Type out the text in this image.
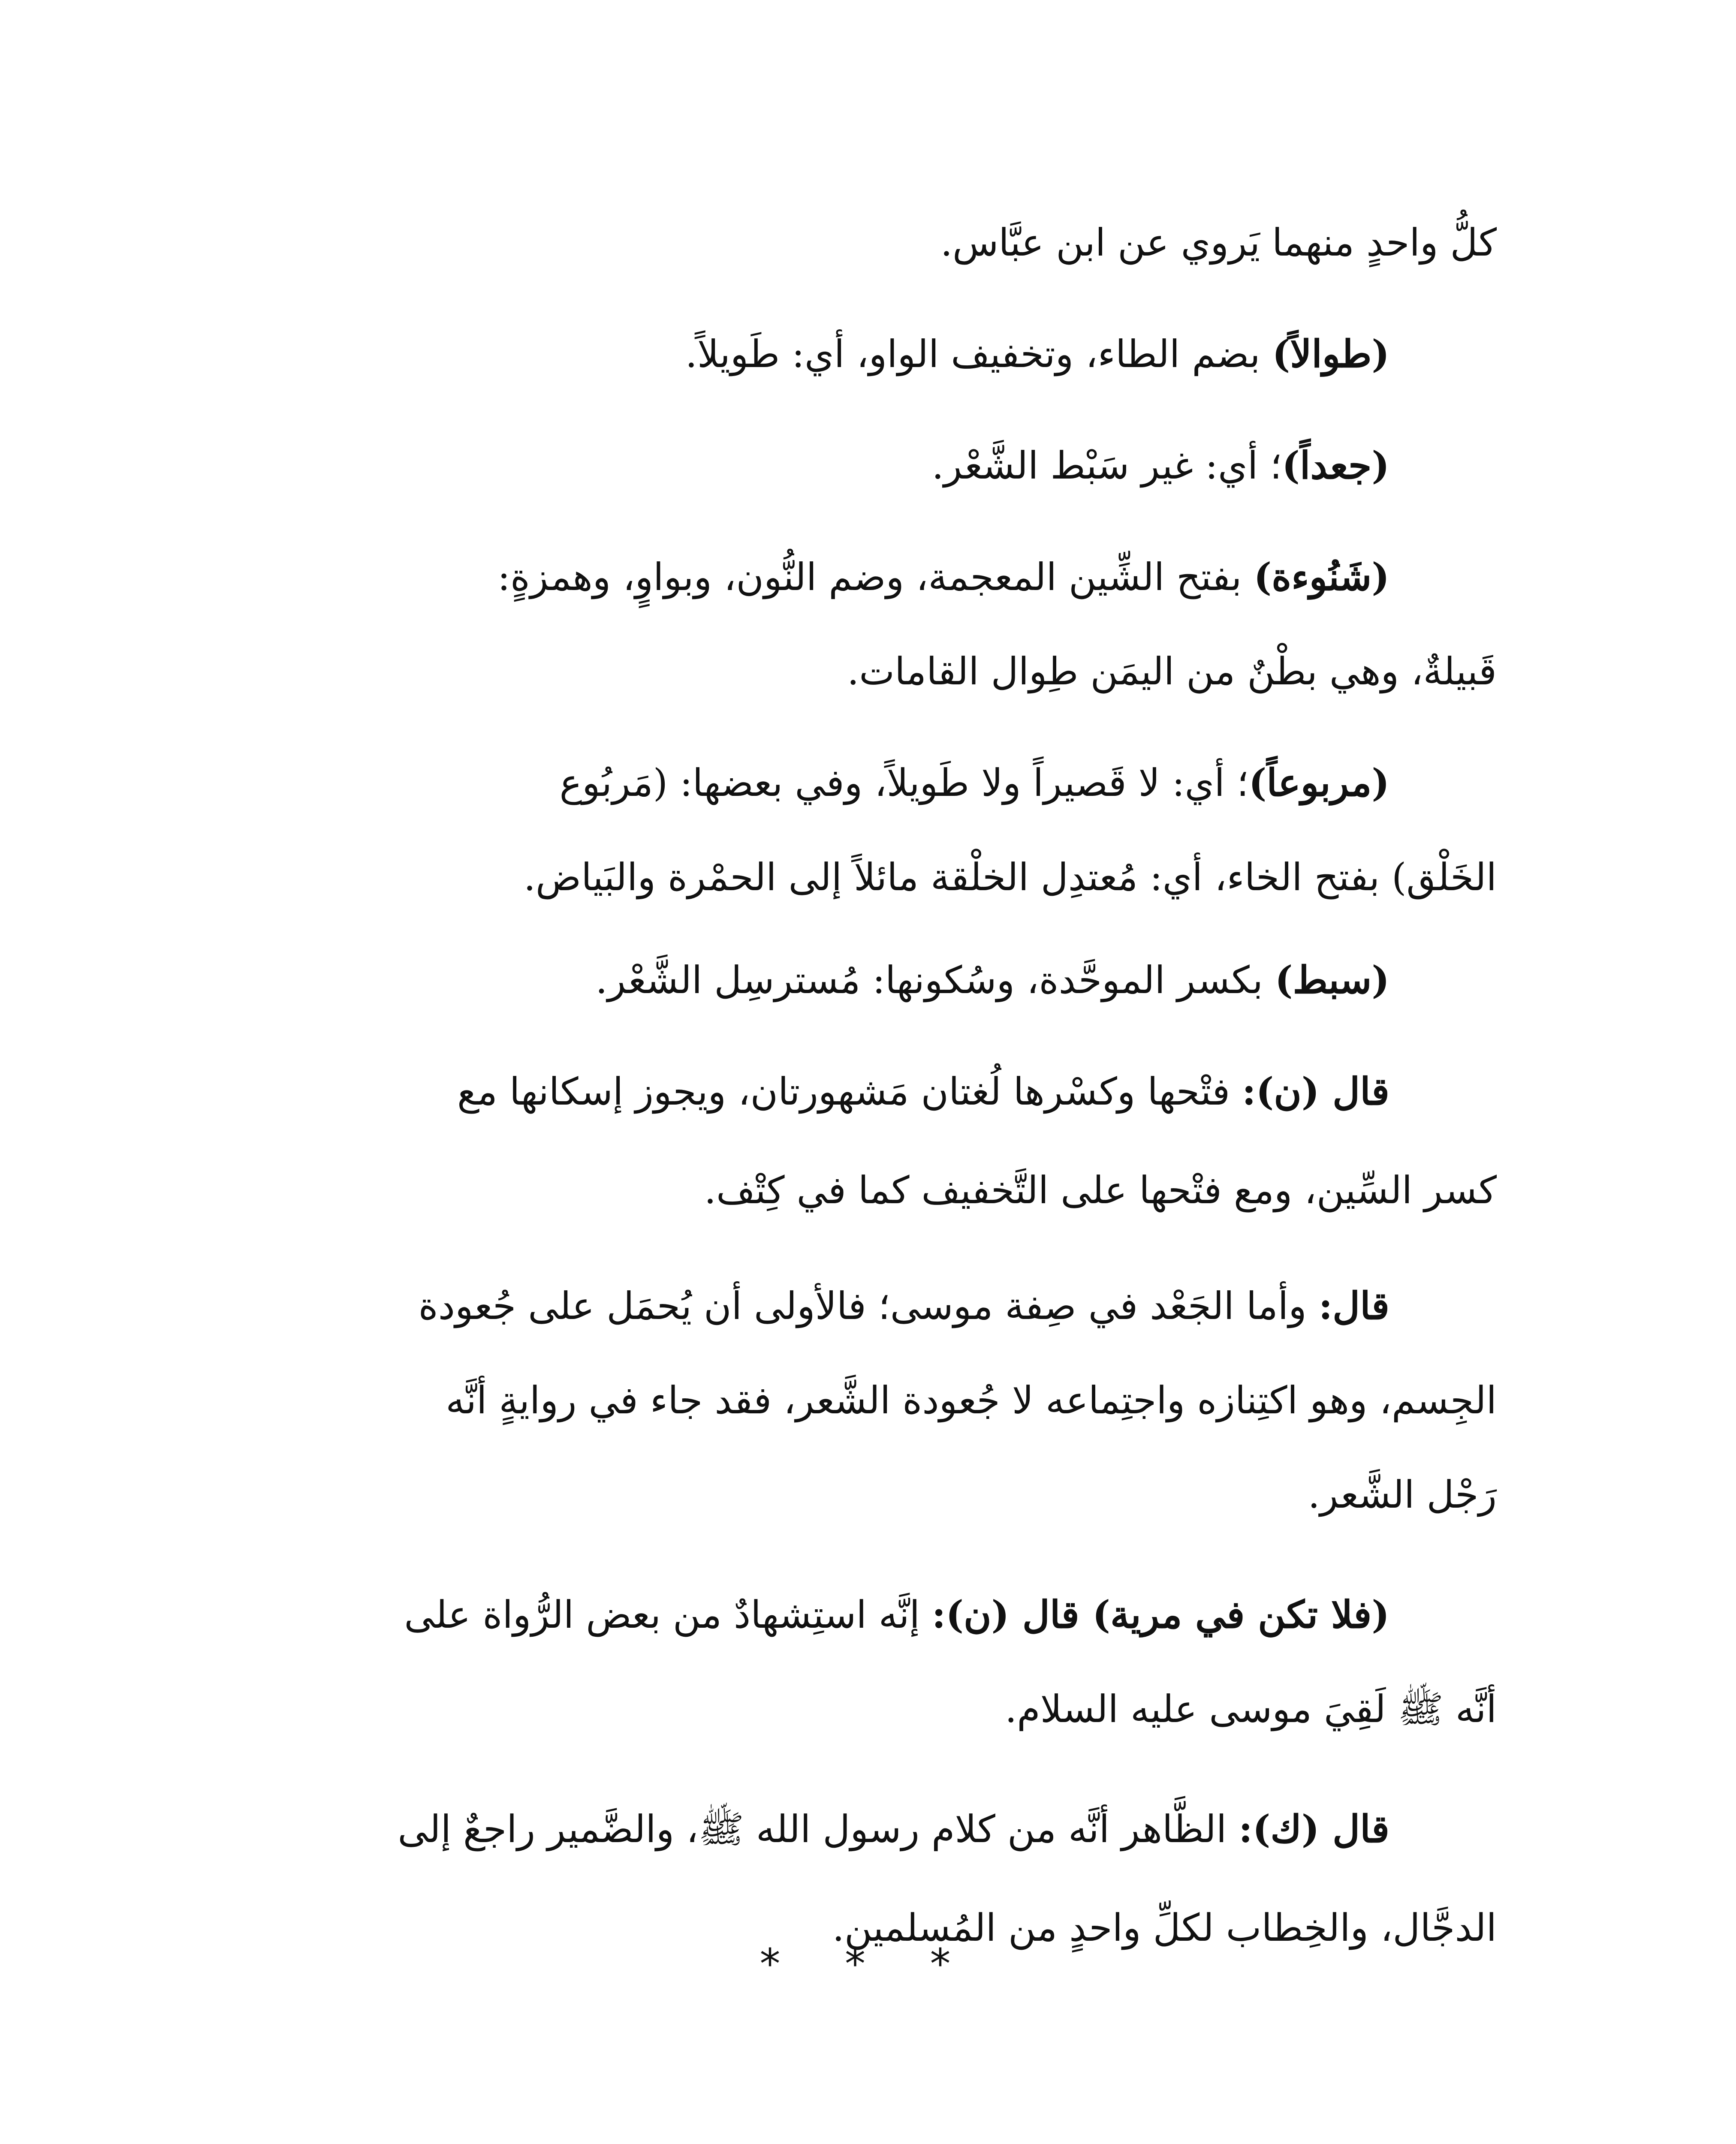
كلُّ واحدٍ منهما يَروي عن ابن عبَّاس.
(طوالاً) بضم الطاء، وتخفيف الواو، أي: طَويلاً.
(جعداً)؛ أي: غير سَبْط الشَّعْر.
(شَنُوءة) بفتح الشِّين المعجمة، وضم النُّون، وبواوٍ، وهمزةٍ:
قَبيلةٌ، وهي بطْنٌ من اليمَن طِوال القامات.
(مربوعاً)؛ أي: لا قَصيراً ولا طَويلاً، وفي بعضها: (مَربُوع
الخَلْق) بفتح الخاء، أي: مُعتدِل الخلْقة مائلاً إلى الحمْرة والبَياض.
(سبط) بكسر الموحَّدة، وسُكونها: مُسترسِل الشَّعْر.
قال (ن): فتْحها وكسْرها لُغتان مَشهورتان، ويجوز إسكانها مع
كسر السِّين، ومع فتْحها على التَّخفيف كما في كِتْف.
قال: وأما الجَعْد في صِفة موسى؛ فالأولى أن يُحمَل على جُعودة
الجِسم، وهو اكتِنازه واجتِماعه لا جُعودة الشَّعر، فقد جاء في روايةٍ أنَّه
رَجْل الشَّعر.
(فلا تكن في مرية) قال (ن): إنَّه استِشهادٌ من بعض الرُّواة على
أنَّه ﷺ لَقِيَ موسى عليه السلام.
قال (ك): الظَّاهر أنَّه من كلام رسول الله ﷺ، والضَّمير راجعٌ إلى
الدجَّال، والخِطاب لكلِّ واحدٍ من المُسلمين.
* * *
